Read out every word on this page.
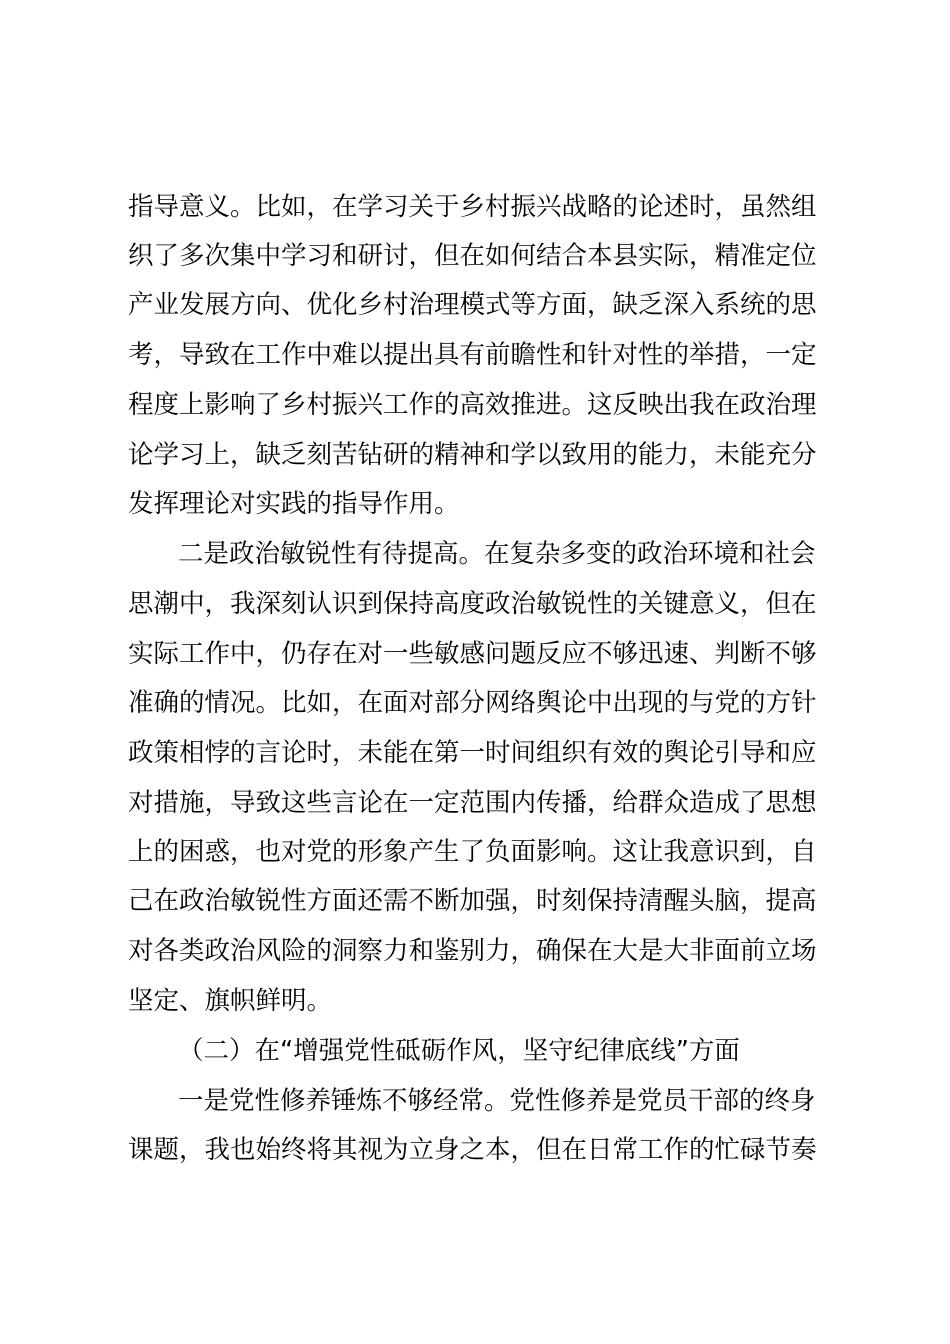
指导意义。比如，在学习关于乡村振兴战略的论述时，虽然组
织了多次集中学习和研讨，但在如何结合本县实际，精准定位
产业发展方向、优化乡村治理模式等方面，缺乏深入系统的思
考，导致在工作中难以提出具有前瞻性和针对性的举措，一定
程度上影响了乡村振兴工作的高效推进。这反映出我在政治理
论学习上，缺乏刻苦钻研的精神和学以致用的能力，未能充分
发挥理论对实践的指导作用。
二是政治敏锐性有待提高。在复杂多变的政治环境和社会
思潮中，我深刻认识到保持高度政治敏锐性的关键意义，但在
实际工作中，仍存在对一些敏感问题反应不够迅速、判断不够
准确的情况。比如，在面对部分网络舆论中出现的与党的方针
政策相悖的言论时，未能在第一时间组织有效的舆论引导和应
对措施，导致这些言论在一定范围内传播，给群众造成了思想
上的困惑，也对党的形象产生了负面影响。这让我意识到，自
己在政治敏锐性方面还需不断加强，时刻保持清醒头脑，提高
对各类政治风险的洞察力和鉴别力，确保在大是大非面前立场
坚定、旗帜鲜明。
（二）在“增强党性砥砺作风，坚守纪律底线”方面
一是党性修养锤炼不够经常。党性修养是党员干部的终身
课题，我也始终将其视为立身之本，但在日常工作的忙碌节奏
